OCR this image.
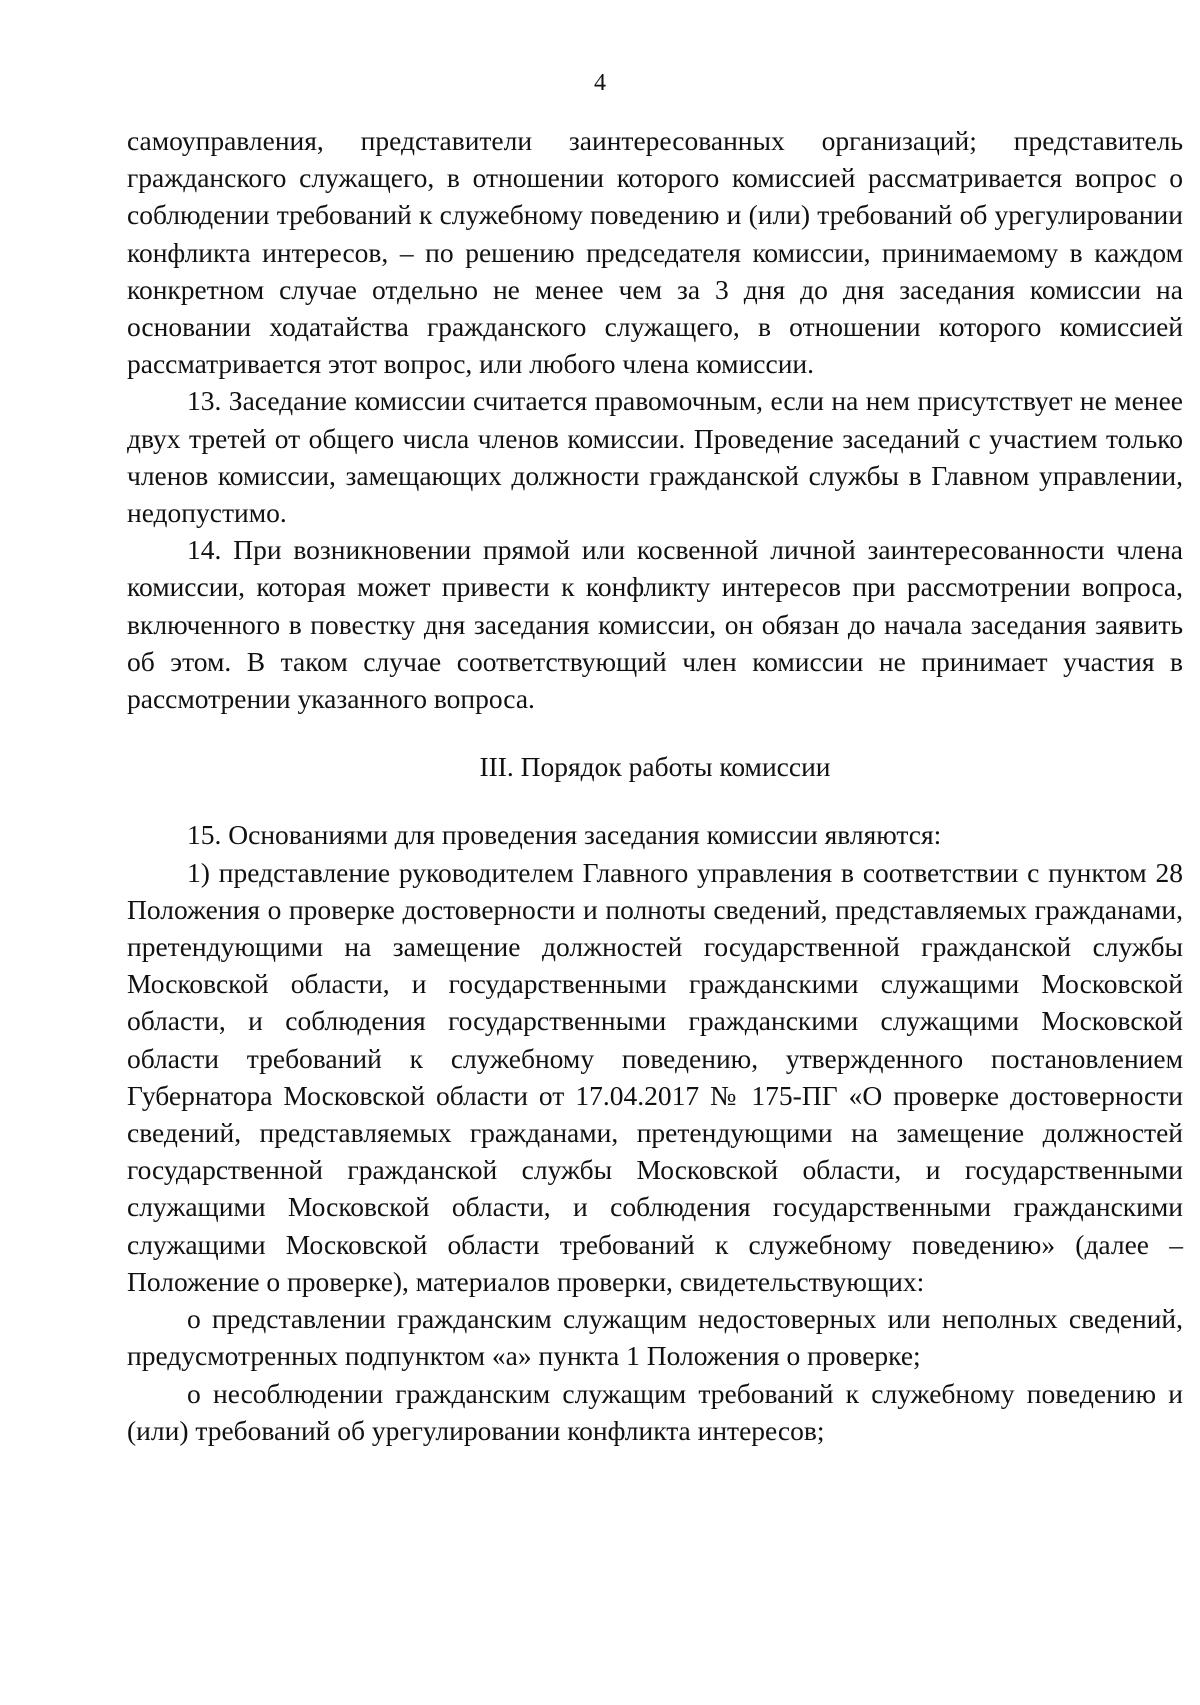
4

самоуправления, представители заинтересованных организаций; представитель гражданского служащего, в отношении которого комиссией рассматривается вопрос о соблюдении требований к служебному поведению и (или) требований об урегулировании конфликта интересов, – по решению председателя комиссии, принимаемому в каждом конкретном случае отдельно не менее чем за 3 дня до дня заседания комиссии на основании ходатайства гражданского служащего, в отношении которого комиссией рассматривается этот вопрос, или любого члена комиссии.

13. Заседание комиссии считается правомочным, если на нем присутствует не менее двух третей от общего числа членов комиссии. Проведение заседаний с участием только членов комиссии, замещающих должности гражданской службы в Главном управлении, недопустимо.

14. При возникновении прямой или косвенной личной заинтересованности члена комиссии, которая может привести к конфликту интересов при рассмотрении вопроса, включенного в повестку дня заседания комиссии, он обязан до начала заседания заявить об этом. В таком случае соответствующий член комиссии не принимает участия в рассмотрении указанного вопроса.

III. Порядок работы комиссии

15. Основаниями для проведения заседания комиссии являются:

1) представление руководителем Главного управления в соответствии с пунктом 28 Положения о проверке достоверности и полноты сведений, представляемых гражданами, претендующими на замещение должностей государственной гражданской службы Московской области, и государственными гражданскими служащими Московской области, и соблюдения государственными гражданскими служащими Московской области требований к служебному поведению, утвержденного постановлением Губернатора Московской области от 17.04.2017 № 175-ПГ «О проверке достоверности сведений, представляемых гражданами, претендующими на замещение должностей государственной гражданской службы Московской области, и государственными служащими Московской области, и соблюдения государственными гражданскими служащими Московской области требований к служебному поведению» (далее – Положение о проверке), материалов проверки, свидетельствующих:

о представлении гражданским служащим недостоверных или неполных сведений, предусмотренных подпунктом «а» пункта 1 Положения о проверке;

о несоблюдении гражданским служащим требований к служебному поведению и (или) требований об урегулировании конфликта интересов;
